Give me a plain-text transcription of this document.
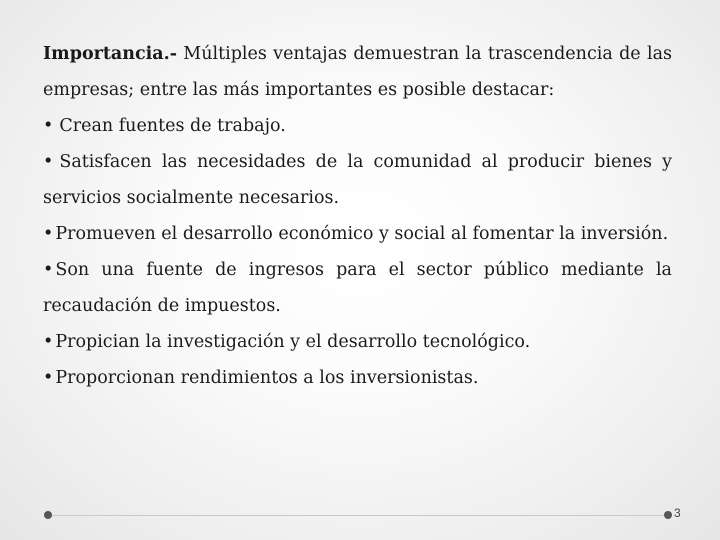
Importancia.- Múltiples ventajas demuestran la trascendencia de las empresas; entre las más importantes es posible destacar:

• Crean fuentes de trabajo.

• Satisfacen las necesidades de la comunidad al producir bienes y servicios socialmente necesarios.

• Promueven el desarrollo económico y social al fomentar la inversión.

• Son una fuente de ingresos para el sector público mediante la recaudación de impuestos.

• Propician la investigación y el desarrollo tecnológico.

• Proporcionan rendimientos a los inversionistas.

3
